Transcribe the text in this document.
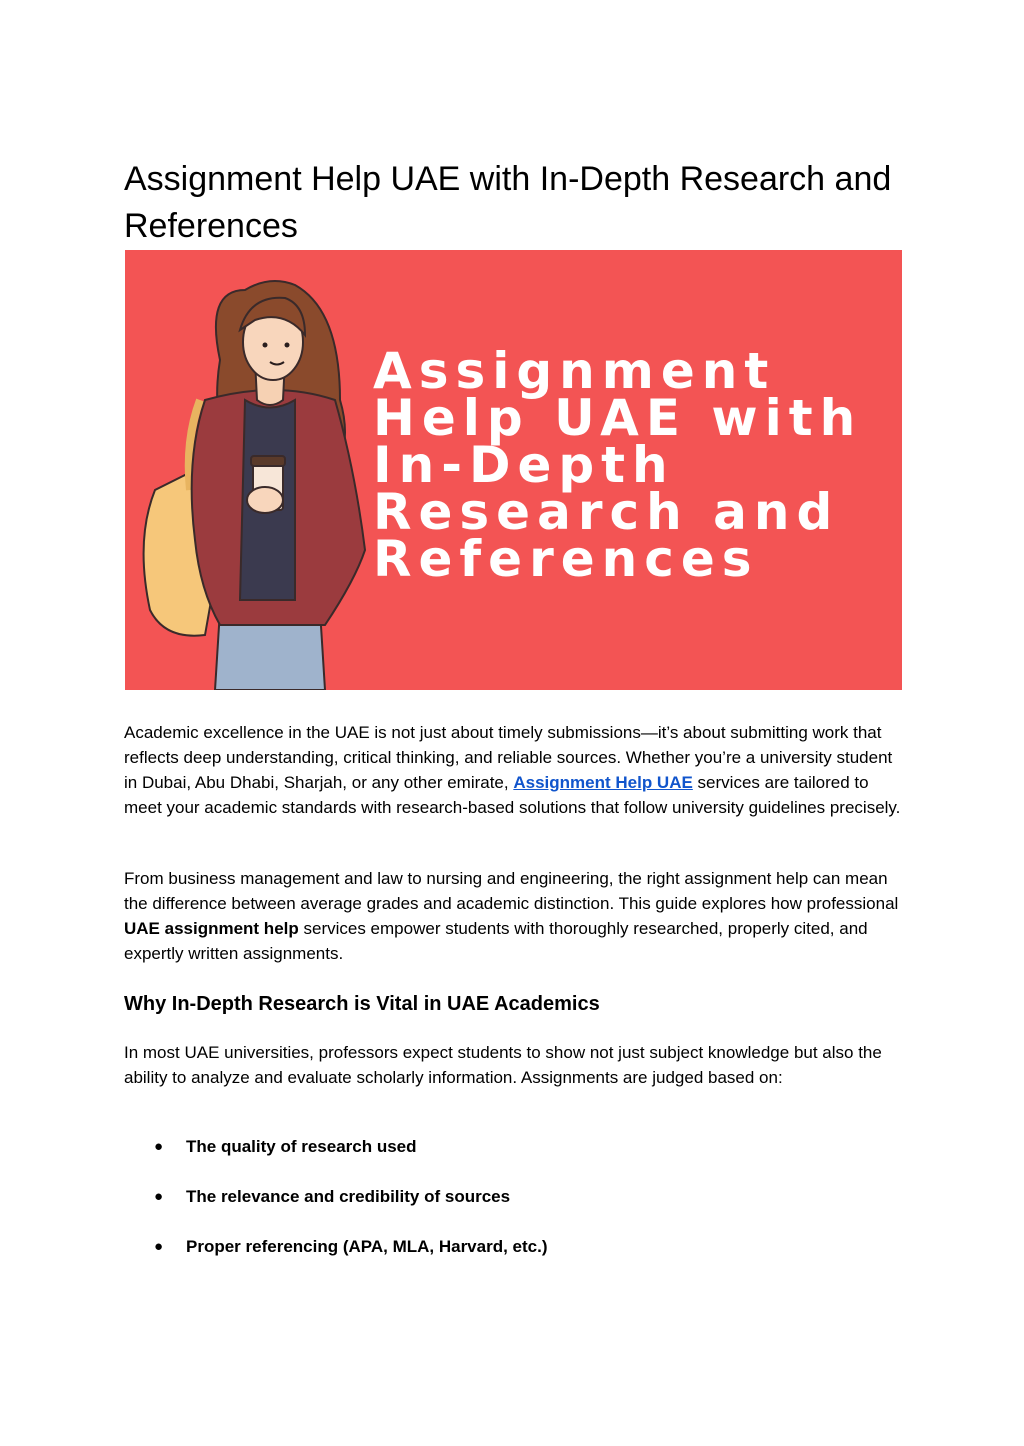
Assignment Help UAE with In-Depth Research and References
Assignment
Help UAE with
In-Depth
Research and
References

Academic excellence in the UAE is not just about timely submissions—it’s about submitting work that reflects deep understanding, critical thinking, and reliable sources. Whether you’re a university student in Dubai, Abu Dhabi, Sharjah, or any other emirate, Assignment Help UAE services are tailored to meet your academic standards with research-based solutions that follow university guidelines precisely.

From business management and law to nursing and engineering, the right assignment help can mean the difference between average grades and academic distinction. This guide explores how professional UAE assignment help services empower students with thoroughly researched, properly cited, and expertly written assignments.

Why In-Depth Research is Vital in UAE Academics

In most UAE universities, professors expect students to show not just subject knowledge but also the ability to analyze and evaluate scholarly information. Assignments are judged based on:

● The quality of research used
● The relevance and credibility of sources
● Proper referencing (APA, MLA, Harvard, etc.)
